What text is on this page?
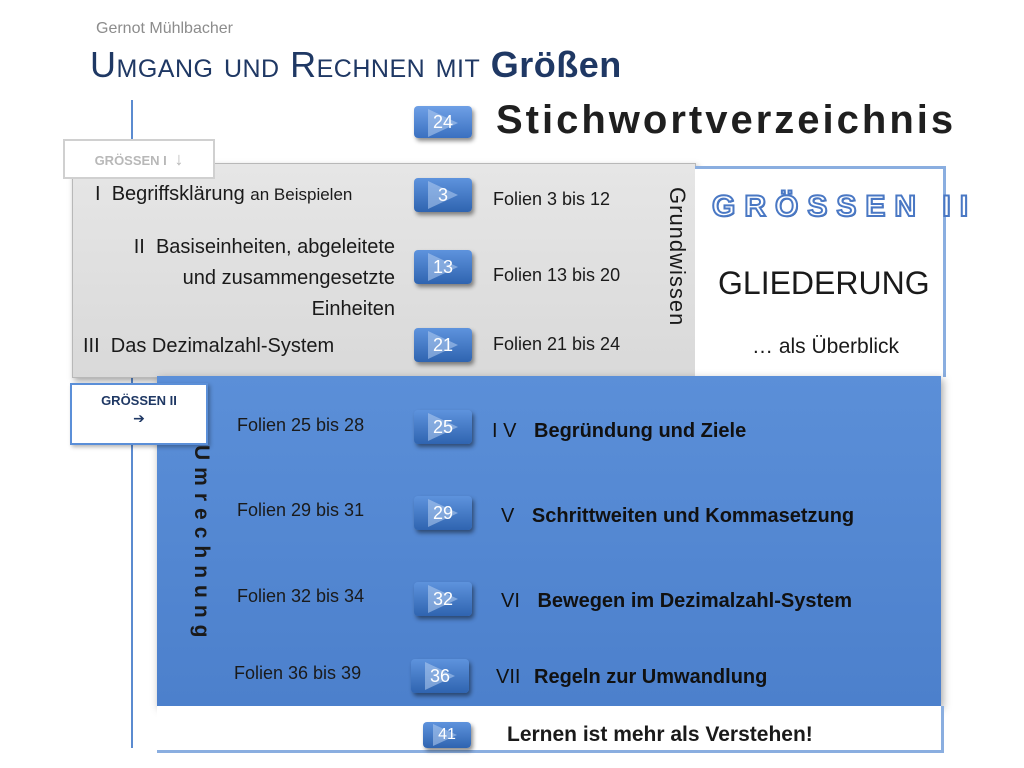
Gernot Mühlbacher
Umgang und Rechnen mit Größen
24	Stichwortverzeichnis
GRÖSSEN I ↓
GRÖSSEN II
GLIEDERUNG
… als Überblick
Grundwissen
I Begriffsklärung an Beispielen	3	Folien 3 bis 12
II Basiseinheiten, abgeleitete
und zusammengesetzte
Einheiten
13	Folien 13 bis 20
III Das Dezimalzahl-System	21	Folien 21 bis 24
GRÖSSEN II
➔
Umrechnung
Folien 25 bis 28	25	I V Begründung und Ziele
Folien 29 bis 31	29	V Schrittweiten und Kommasetzung
Folien 32 bis 34	32	VI Bewegen im Dezimalzahl-System
Folien 36 bis 39	36	VII Regeln zur Umwandlung
41	Lernen ist mehr als Verstehen!
